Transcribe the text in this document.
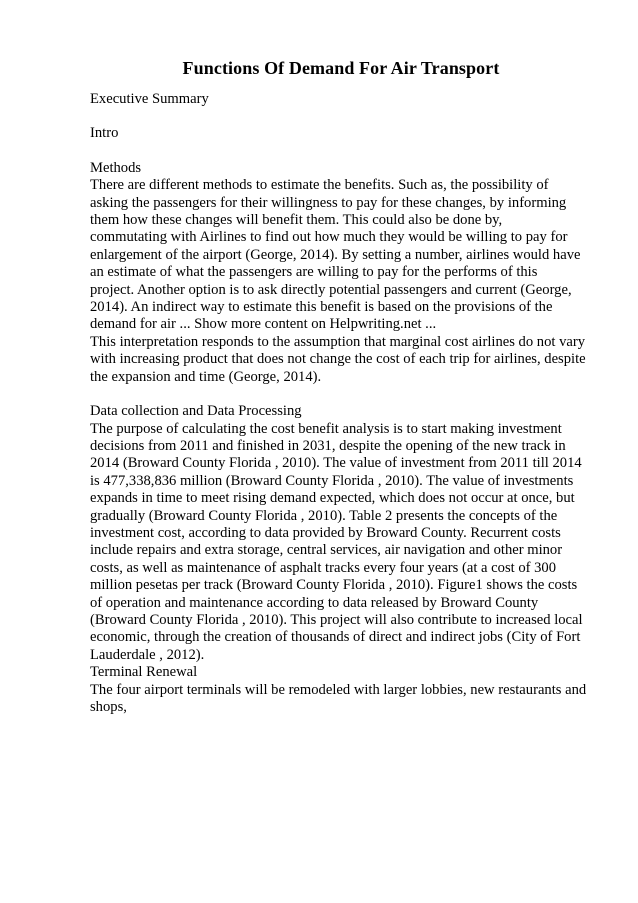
Functions Of Demand For Air Transport
Executive Summary
Intro
Methods
There are different methods to estimate the benefits. Such as, the possibility of
asking the passengers for their willingness to pay for these changes, by informing
them how these changes will benefit them. This could also be done by,
commutating with Airlines to find out how much they would be willing to pay for
enlargement of the airport (George, 2014). By setting a number, airlines would have
an estimate of what the passengers are willing to pay for the performs of this
project. Another option is to ask directly potential passengers and current (George,
2014). An indirect way to estimate this benefit is based on the provisions of the
demand for air ... Show more content on Helpwriting.net ...
This interpretation responds to the assumption that marginal cost airlines do not vary
with increasing product that does not change the cost of each trip for airlines, despite
the expansion and time (George, 2014).
Data collection and Data Processing
The purpose of calculating the cost benefit analysis is to start making investment
decisions from 2011 and finished in 2031, despite the opening of the new track in
2014 (Broward County Florida , 2010). The value of investment from 2011 till 2014
is 477,338,836 million (Broward County Florida , 2010). The value of investments
expands in time to meet rising demand expected, which does not occur at once, but
gradually (Broward County Florida , 2010). Table 2 presents the concepts of the
investment cost, according to data provided by Broward County. Recurrent costs
include repairs and extra storage, central services, air navigation and other minor
costs, as well as maintenance of asphalt tracks every four years (at a cost of 300
million pesetas per track (Broward County Florida , 2010). Figure1 shows the costs
of operation and maintenance according to data released by Broward County
(Broward County Florida , 2010). This project will also contribute to increased local
economic, through the creation of thousands of direct and indirect jobs (City of Fort
Lauderdale , 2012).
Terminal Renewal
The four airport terminals will be remodeled with larger lobbies, new restaurants and
shops,
